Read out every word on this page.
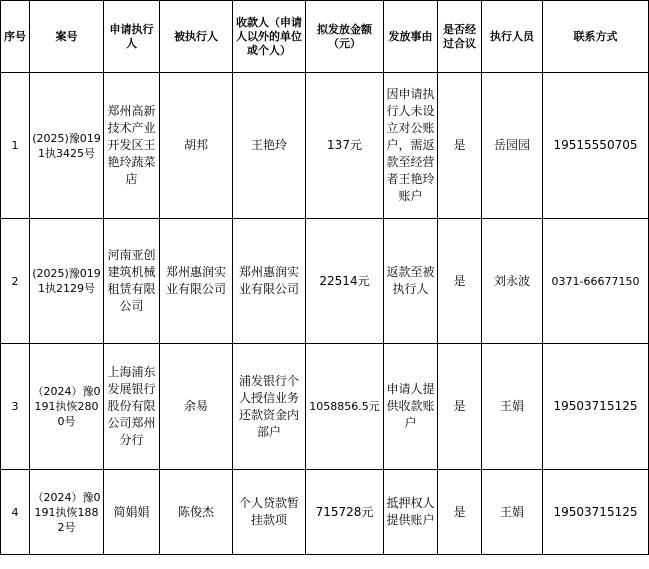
序号	案号	申请执行人	被执行人	收款人（申请人以外的单位或个人）	拟发放金额（元）	发放事由	是否经过合议	执行人员	联系方式
1	(2025)豫0191执3425号	郑州高新技术产业开发区王艳玲蔬菜店	胡邦	王艳玲	137元	因申请执行人未设立对公账户，需返款至经营者王艳玲账户	是	岳园园	19515550705
2	(2025)豫0191执2129号	河南亚创建筑机械租赁有限公司	郑州惠润实业有限公司	郑州惠润实业有限公司	22514元	返款至被执行人	是	刘永波	0371-66677150
3	（2024）豫0191执恢2800号	上海浦东发展银行股份有限公司郑州分行	余易	浦发银行个人授信业务还款资金内部户	1058856.5元	申请人提供收款账户	是	王娟	19503715125
4	（2024）豫0191执恢1882号	简娟娟	陈俊杰	个人贷款暂挂款项	715728元	抵押权人提供账户	是	王娟	19503715125
